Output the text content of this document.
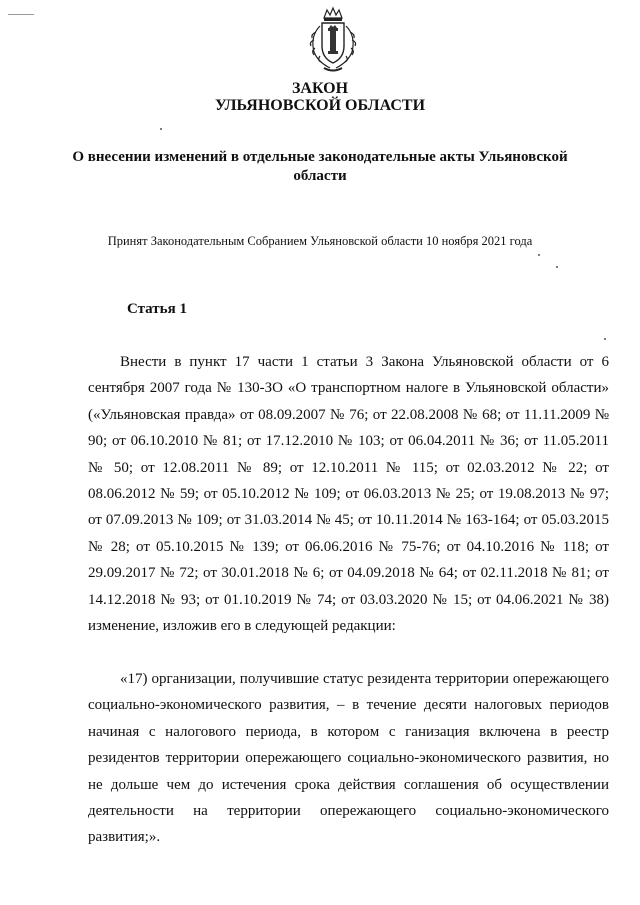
ЗАКОН
УЛЬЯНОВСКОЙ ОБЛАСТИ
О внесении изменений в отдельные законодательные акты Ульяновской области
Принят Законодательным Собранием Ульяновской области 10 ноября 2021 года
Статья 1

Внести в пункт 17 части 1 статьи 3 Закона Ульяновской области от 6 сентября 2007 года № 130-ЗО «О транспортном налоге в Ульяновской области» («Ульяновская правда» от 08.09.2007 № 76; от 22.08.2008 № 68; от 11.11.2009 № 90; от 06.10.2010 № 81; от 17.12.2010 № 103; от 06.04.2011 № 36; от 11.05.2011 № 50; от 12.08.2011 № 89; от 12.10.2011 № 115; от 02.03.2012 № 22; от 08.06.2012 № 59; от 05.10.2012 № 109; от 06.03.2013 № 25; от 19.08.2013 № 97; от 07.09.2013 № 109; от 31.03.2014 № 45; от 10.11.2014 № 163-164; от 05.03.2015 № 28; от 05.10.2015 № 139; от 06.06.2016 № 75-76; от 04.10.2016 № 118; от 29.09.2017 № 72; от 30.01.2018 № 6; от 04.09.2018 № 64; от 02.11.2018 № 81; от 14.12.2018 № 93; от 01.10.2019 № 74; от 03.03.2020 № 15; от 04.06.2021 № 38) изменение, изложив его в следующей редакции:

«17) организации, получившие статус резидента территории опережающего социально-экономического развития, – в течение десяти налоговых периодов начиная с налогового периода, в котором с ганизация включена в реестр резидентов территории опережающего социально-экономического развития, но не дольше чем до истечения срока действия соглашения об осуществлении деятельности на территории опережающего социально-экономического развития;».
